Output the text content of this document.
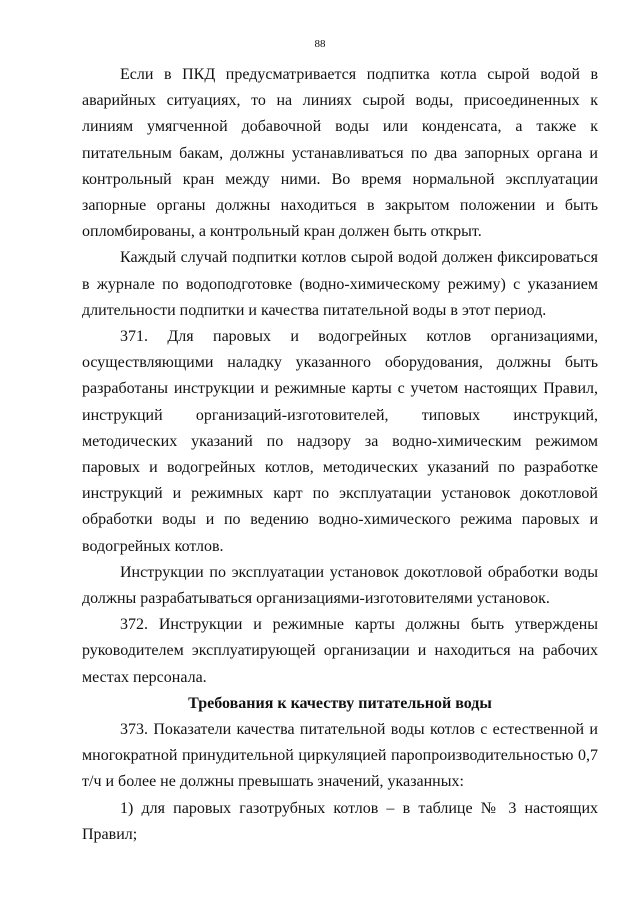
88

Если в ПКД предусматривается подпитка котла сырой водой в аварийных ситуациях, то на линиях сырой воды, присоединенных к линиям умягченной добавочной воды или конденсата, а также к питательным бакам, должны устанавливаться по два запорных органа и контрольный кран между ними. Во время нормальной эксплуатации запорные органы должны находиться в закрытом положении и быть опломбированы, а контрольный кран должен быть открыт.

Каждый случай подпитки котлов сырой водой должен фиксироваться в журнале по водоподготовке (водно-химическому режиму) с указанием длительности подпитки и качества питательной воды в этот период.

371. Для паровых и водогрейных котлов организациями, осуществляющими наладку указанного оборудования, должны быть разработаны инструкции и режимные карты с учетом настоящих Правил, инструкций организаций-изготовителей, типовых инструкций, методических указаний по надзору за водно-химическим режимом паровых и водогрейных котлов, методических указаний по разработке инструкций и режимных карт по эксплуатации установок докотловой обработки воды и по ведению водно-химического режима паровых и водогрейных котлов.

Инструкции по эксплуатации установок докотловой обработки воды должны разрабатываться организациями-изготовителями установок.

372. Инструкции и режимные карты должны быть утверждены руководителем эксплуатирующей организации и находиться на рабочих местах персонала.

Требования к качеству питательной воды

373. Показатели качества питательной воды котлов с естественной и многократной принудительной циркуляцией паропроизводительностью 0,7 т/ч и более не должны превышать значений, указанных:

1) для паровых газотрубных котлов – в таблице № 3 настоящих Правил;
